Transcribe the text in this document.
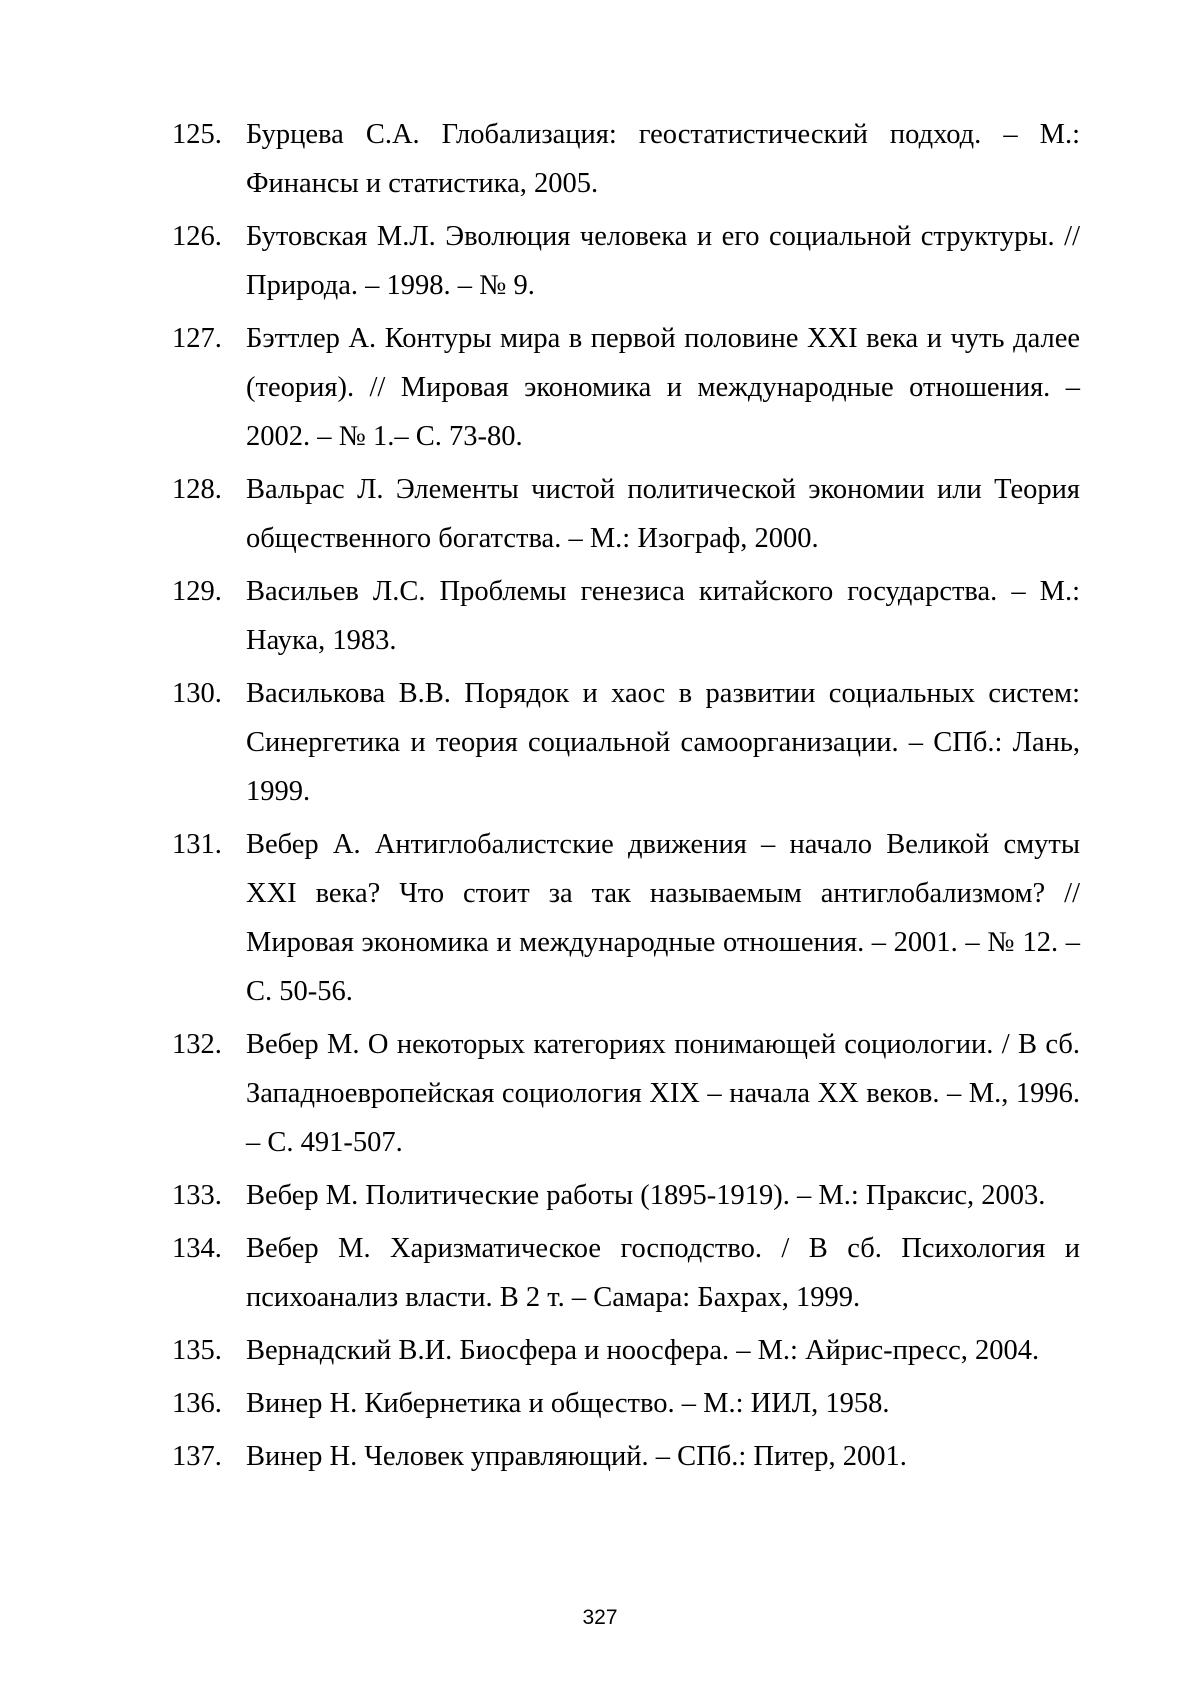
125. Бурцева С.А. Глобализация: геостатистический подход. – М.: Финансы и статистика, 2005.
126. Бутовская М.Л. Эволюция человека и его социальной структуры. // Природа. – 1998. – № 9.
127. Бэттлер А. Контуры мира в первой половине XXI века и чуть далее (теория). // Мировая экономика и международные отношения. – 2002. – № 1.– С. 73-80.
128. Вальрас Л. Элементы чистой политической экономии или Теория общественного богатства. – М.: Изограф, 2000.
129. Васильев Л.С. Проблемы генезиса китайского государства. – М.: Наука, 1983.
130. Василькова В.В. Порядок и хаос в развитии социальных систем: Синергетика и теория социальной самоорганизации. – СПб.: Лань, 1999.
131. Вебер А. Антиглобалистские движения – начало Великой смуты XXI века? Что стоит за так называемым антиглобализмом? // Мировая экономика и международные отношения. – 2001. – № 12. – С. 50-56.
132. Вебер М. О некоторых категориях понимающей социологии. / В сб. Западноевропейская социология XIX – начала XX веков. – М., 1996. – С. 491-507.
133. Вебер М. Политические работы (1895-1919). – М.: Праксис, 2003.
134. Вебер М. Харизматическое господство. / В сб. Психология и психоанализ власти. В 2 т. – Самара: Бахрах, 1999.
135. Вернадский В.И. Биосфера и ноосфера. – М.: Айрис-пресс, 2004.
136. Винер Н. Кибернетика и общество. – М.: ИИЛ, 1958.
137. Винер Н. Человек управляющий. – СПб.: Питер, 2001.
327
